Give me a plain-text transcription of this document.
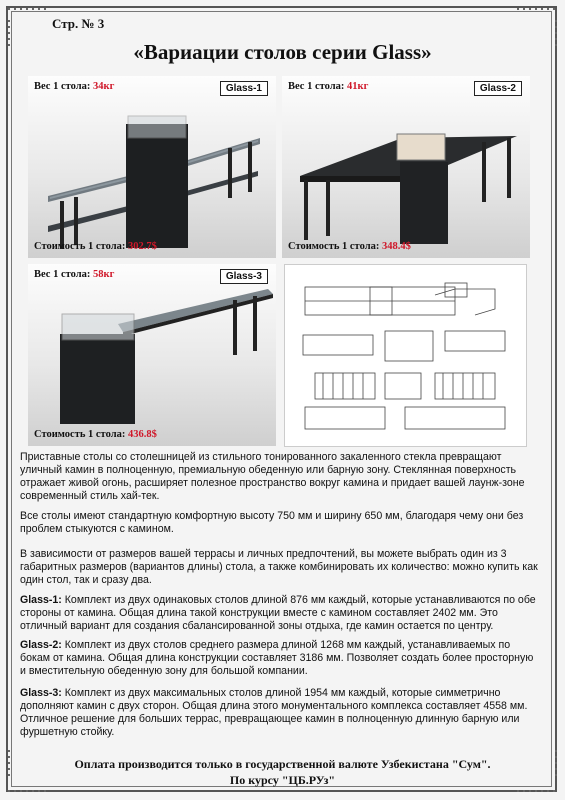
Стр. № 3
«Вариации столов серии Glass»
Вес 1 стола: 34кг	Glass-1
Стоимость 1 стола: 302.7$
Вес 1 стола: 41кг	Glass-2
Стоимость 1 стола: 348.4$
Вес 1 стола: 58кг	Glass-3
Стоимость 1 стола: 436.8$

Приставные столы со столешницей из стильного тонированного закаленного стекла превращают уличный камин в полноценную, премиальную обеденную или барную зону. Стеклянная поверхность отражает живой огонь, расширяет полезное пространство вокруг камина и придает вашей лаунж-зоне современный стиль хай-тек.

Все столы имеют стандартную комфортную высоту 750 мм и ширину 650 мм, благодаря чему они без проблем стыкуются с камином.

В зависимости от размеров вашей террасы и личных предпочтений, вы можете выбрать один из 3 габаритных размеров (вариантов длины) стола, а также комбинировать их количество: можно купить как один стол, так и сразу два.

Glass-1: Комплект из двух одинаковых столов длиной 876 мм каждый, которые устанавливаются по обе стороны от камина. Общая длина такой конструкции вместе с камином составляет 2402 мм. Это отличный вариант для создания сбалансированной зоны отдыха, где камин остается по центру.

Glass-2: Комплект из двух столов среднего размера длиной 1268 мм каждый, устанавливаемых по бокам от камина. Общая длина конструкции составляет 3186 мм. Позволяет создать более просторную и вместительную обеденную зону для большой компании.

Glass-3: Комплект из двух максимальных столов длиной 1954 мм каждый, которые симметрично дополняют камин с двух сторон. Общая длина этого монументального комплекса составляет 4558 мм. Отличное решение для больших террас, превращающее камин в полноценную длинную барную или фуршетную стойку.

Оплата производится только в государственной валюте Узбекистана "Сум".
По курсу "ЦБ.РУз"
